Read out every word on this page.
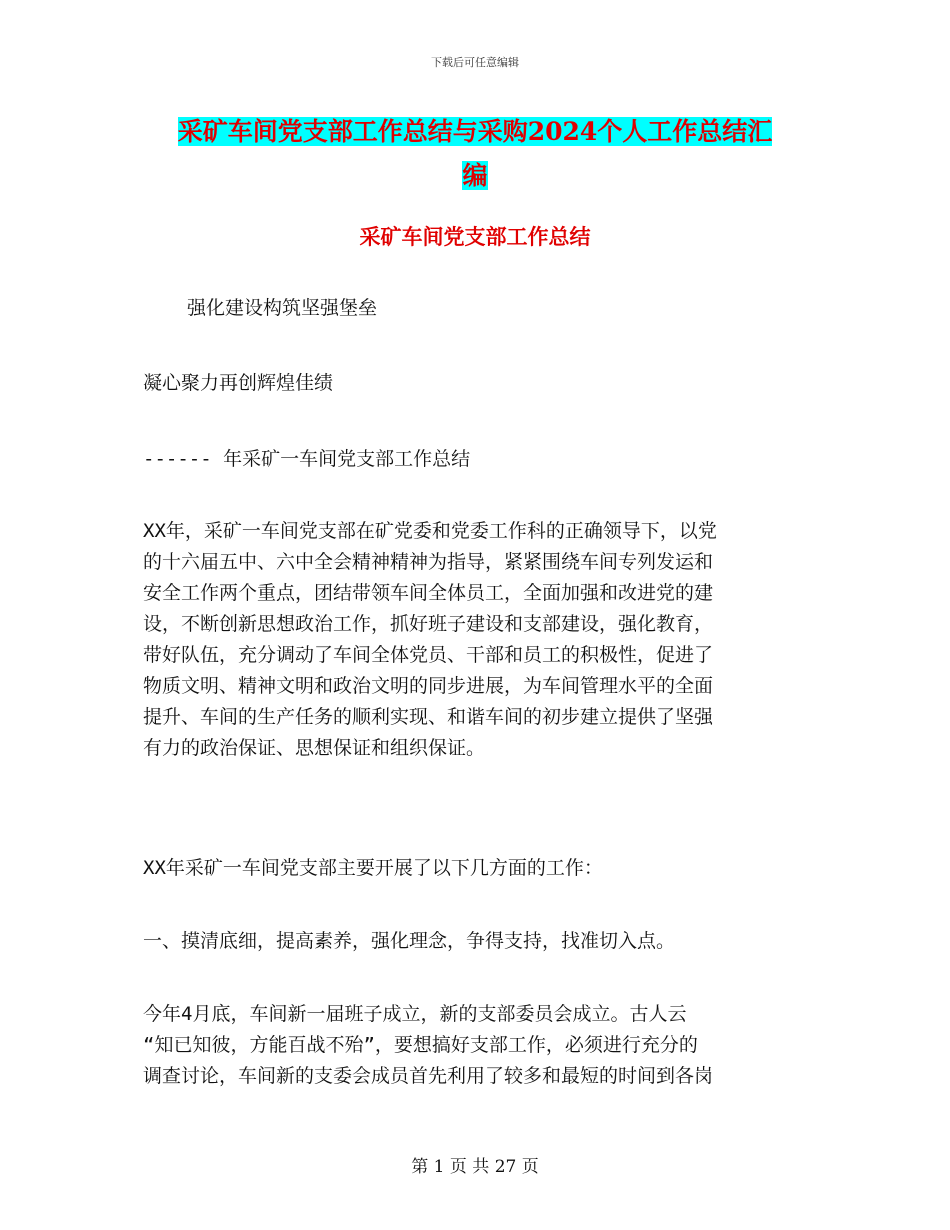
下载后可任意编辑
采矿车间党支部工作总结与采购2024个人工作总结汇
编
采矿车间党支部工作总结
强化建设构筑坚强堡垒
凝心聚力再创辉煌佳绩
------ 年采矿一车间党支部工作总结
XX年，采矿一车间党支部在矿党委和党委工作科的正确领导下，以党
的十六届五中、六中全会精神精神为指导，紧紧围绕车间专列发运和
安全工作两个重点，团结带领车间全体员工，全面加强和改进党的建
设，不断创新思想政治工作，抓好班子建设和支部建设，强化教育，
带好队伍，充分调动了车间全体党员、干部和员工的积极性，促进了
物质文明、精神文明和政治文明的同步进展，为车间管理水平的全面
提升、车间的生产任务的顺利实现、和谐车间的初步建立提供了坚强
有力的政治保证、思想保证和组织保证。
XX年采矿一车间党支部主要开展了以下几方面的工作：
一、摸清底细，提高素养，强化理念，争得支持，找准切入点。
今年4月底，车间新一届班子成立，新的支部委员会成立。古人云
“知已知彼，方能百战不殆”，要想搞好支部工作，必须进行充分的
调查讨论，车间新的支委会成员首先利用了较多和最短的时间到各岗
第 1 页 共 27 页
